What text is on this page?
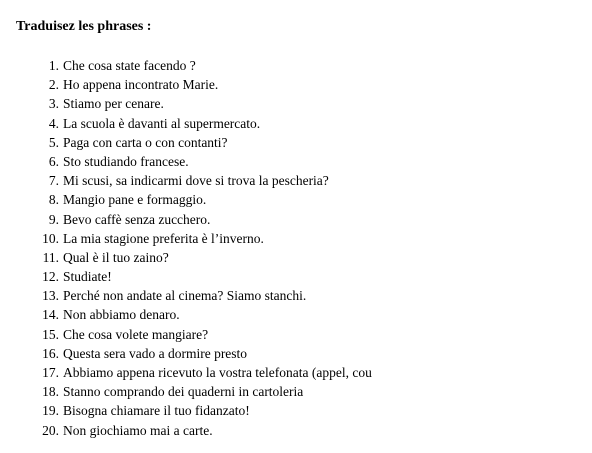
Traduisez les phrases :
1. Che cosa state facendo ?
2. Ho appena incontrato Marie.
3. Stiamo per cenare.
4. La scuola è davanti al supermercato.
5. Paga con carta o con contanti?
6. Sto studiando francese.
7. Mi scusi, sa indicarmi dove si trova la pescheria?
8. Mangio pane e formaggio.
9. Bevo caffè senza zucchero.
10. La mia stagione preferita è l’inverno.
11. Qual è il tuo zaino?
12. Studiate!
13. Perché non andate al cinema? Siamo stanchi.
14. Non abbiamo denaro.
15. Che cosa volete mangiare?
16. Questa sera vado a dormire presto
17. Abbiamo appena ricevuto la vostra telefonata (appel, cou
18. Stanno comprando dei quaderni in cartoleria
19. Bisogna chiamare il tuo fidanzato!
20. Non giochiamo mai a carte.
